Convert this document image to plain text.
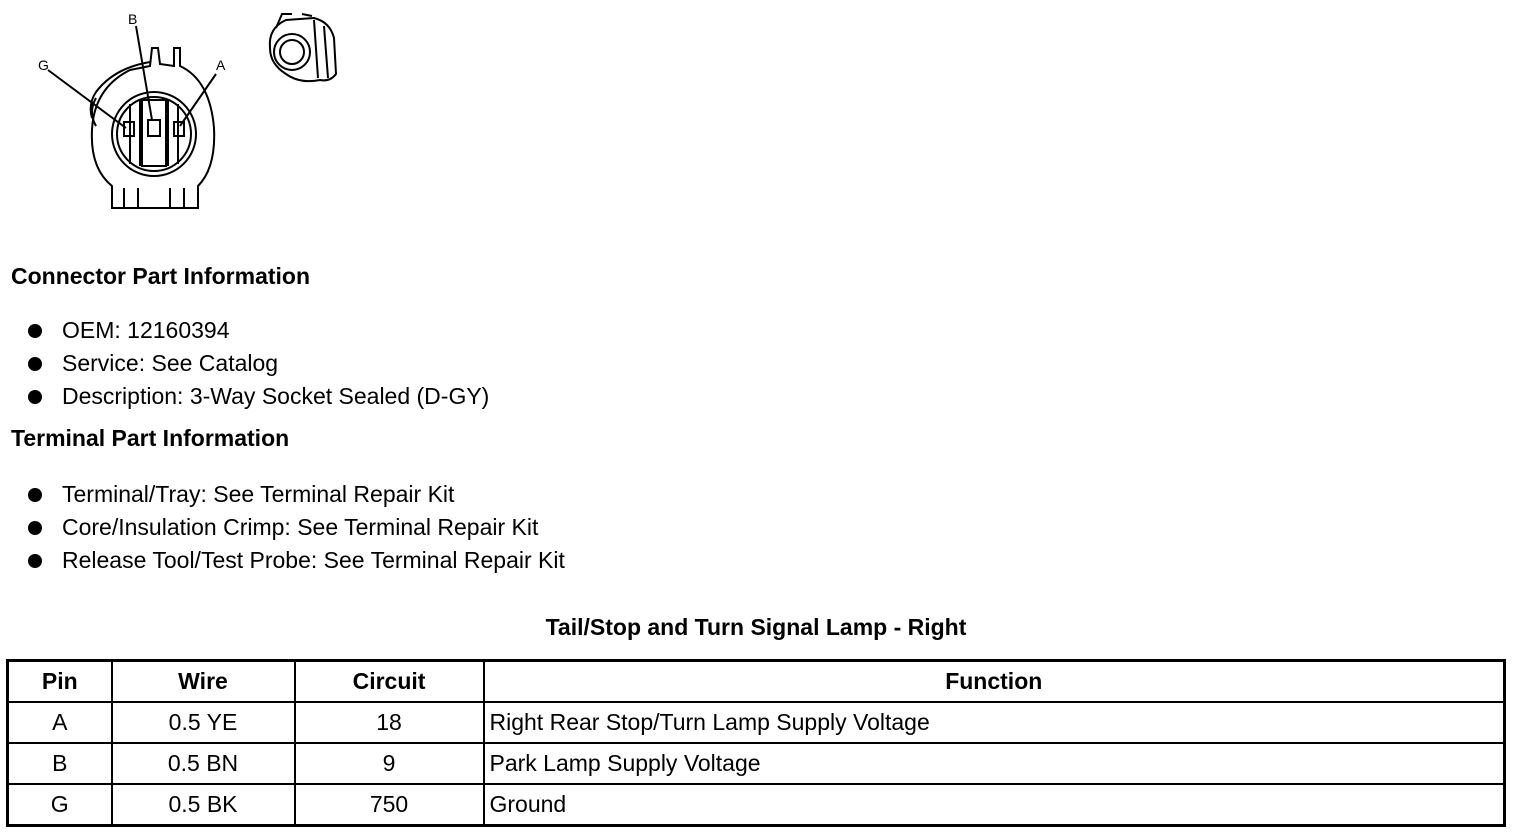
B
G	A
Connector Part Information
OEM: 12160394
Service: See Catalog
Description: 3-Way Socket Sealed (D-GY)
Terminal Part Information
Terminal/Tray: See Terminal Repair Kit
Core/Insulation Crimp: See Terminal Repair Kit
Release Tool/Test Probe: See Terminal Repair Kit
Tail/Stop and Turn Signal Lamp - Right
Pin	Wire	Circuit	Function
A	0.5 YE	18	Right Rear Stop/Turn Lamp Supply Voltage
B	0.5 BN	9	Park Lamp Supply Voltage
G	0.5 BK	750	Ground
